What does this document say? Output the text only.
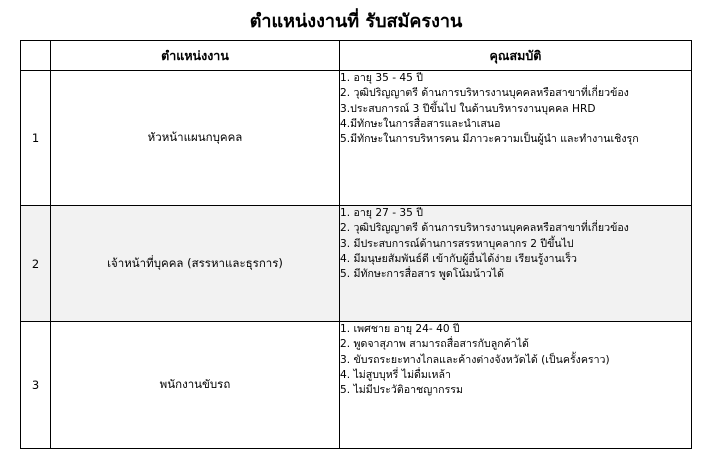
ตำแหน่งงานที่ รับสมัครงาน
	ตำแหน่งงาน	คุณสมบัติ
1	หัวหน้าแผนกบุคคล	1. อายุ 35 - 45 ปี
2. วุฒิปริญญาตรี ด้านการบริหารงานบุคคลหรือสาขาที่เกี่ยวข้อง
3.ประสบการณ์ 3 ปีขึ้นไป ในด้านบริหารงานบุคคล HRD
4.มีทักษะในการสื่อสารและนำเสนอ
5.มีทักษะในการบริหารคน มีภาวะความเป็นผู้นำ และทำงานเชิงรุก

2	เจ้าหน้าที่บุคคล (สรรหาและธุรการ)	1. อายุ 27 - 35 ปี
2. วุฒิปริญญาตรี ด้านการบริหารงานบุคคลหรือสาขาที่เกี่ยวข้อง
3. มีประสบการณ์ด้านการสรรหาบุคลากร 2 ปีขึ้นไป
4. มีมนุษยสัมพันธ์ดี เข้ากับผู้อื่นได้ง่าย เรียนรู้งานเร็ว
5. มีทักษะการสื่อสาร พูดโน้มน้าวได้

3	พนักงานขับรถ	1. เพศชาย อายุ 24- 40 ปี
2. พูดจาสุภาพ สามารถสื่อสารกับลูกค้าได้
3. ขับรถระยะทางไกลและค้างต่างจังหวัดได้ (เป็นครั้งคราว)
4. ไม่สูบบุหรี่ ไม่ดื่มเหล้า
5. ไม่มีประวัติอาชญากรรม
